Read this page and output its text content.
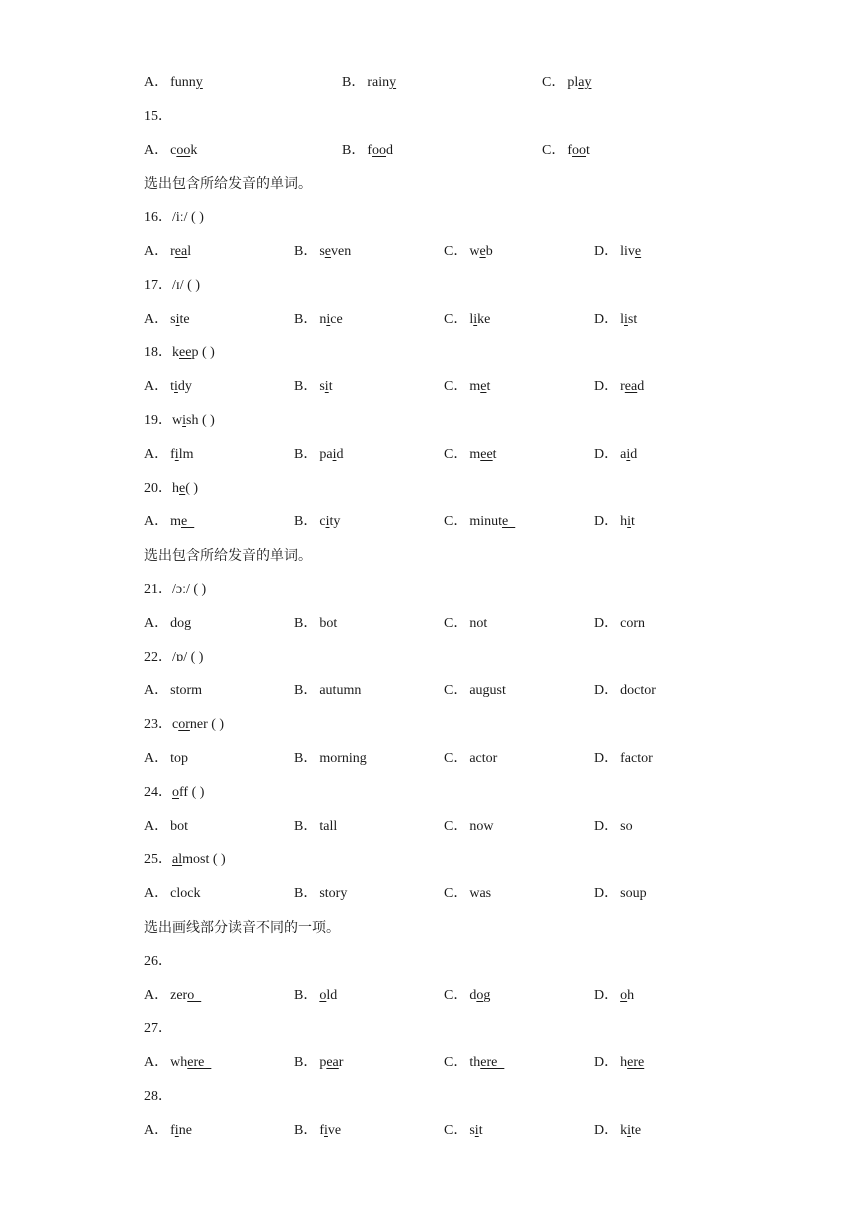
A． funny	B． rainy	C． play
15．
A． cook	B． food	C． foot
选出包含所给发音的单词。
16．/iː/ ( )
A． real	B． seven	C． web	D． live
17．/ɪ/ ( )
A． site	B． nice	C． like	D． list
18．keep ( )
A． tidy	B． sit	C． met	D． read
19．wish ( )
A． film	B． paid	C． meet	D． aid
20．he( )
A． me	B． city	C． minute	D． hit
选出包含所给发音的单词。
21．/ɔː/ ( )
A． dog	B． bot	C． not	D． corn
22．/ɒ/ ( )
A． storm	B． autumn	C． august	D． doctor
23．corner ( )
A． top	B． morning	C． actor	D． factor
24．off ( )
A． bot	B． tall	C． now	D． so
25．almost ( )
A． clock	B． story	C． was	D． soup
选出画线部分读音不同的一项。
26．
A． zero	B． old	C． dog	D． oh
27．
A． where	B． pear	C． there	D． here
28．
A． fine	B． five	C． sit	D． kite
